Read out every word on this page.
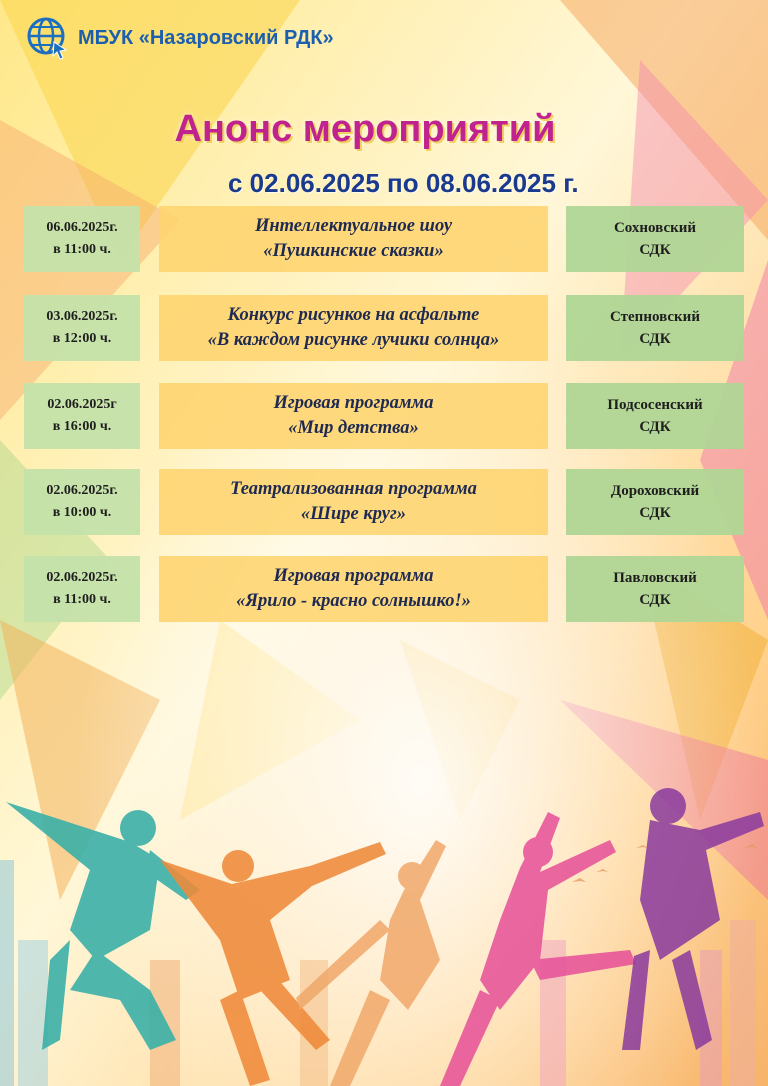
МБУК «Назаровский РДК»
Анонс мероприятий
с 02.06.2025 по 08.06.2025 г.
06.06.2025г.
в 11:00 ч.
Интеллектуальное шоу
«Пушкинские сказки»
Сохновский
СДК
03.06.2025г.
в 12:00 ч.
Конкурс рисунков на асфальте
«В каждом рисунке лучики солнца»
Степновский
СДК
02.06.2025г
в 16:00 ч.
Игровая программа
«Мир детства»
Подсосенский
СДК
02.06.2025г.
в 10:00 ч.
Театрализованная программа
«Шире круг»
Дороховский
СДК
02.06.2025г.
в 11:00 ч.
Игровая программа
«Ярило - красно солнышко!»
Павловский
СДК
